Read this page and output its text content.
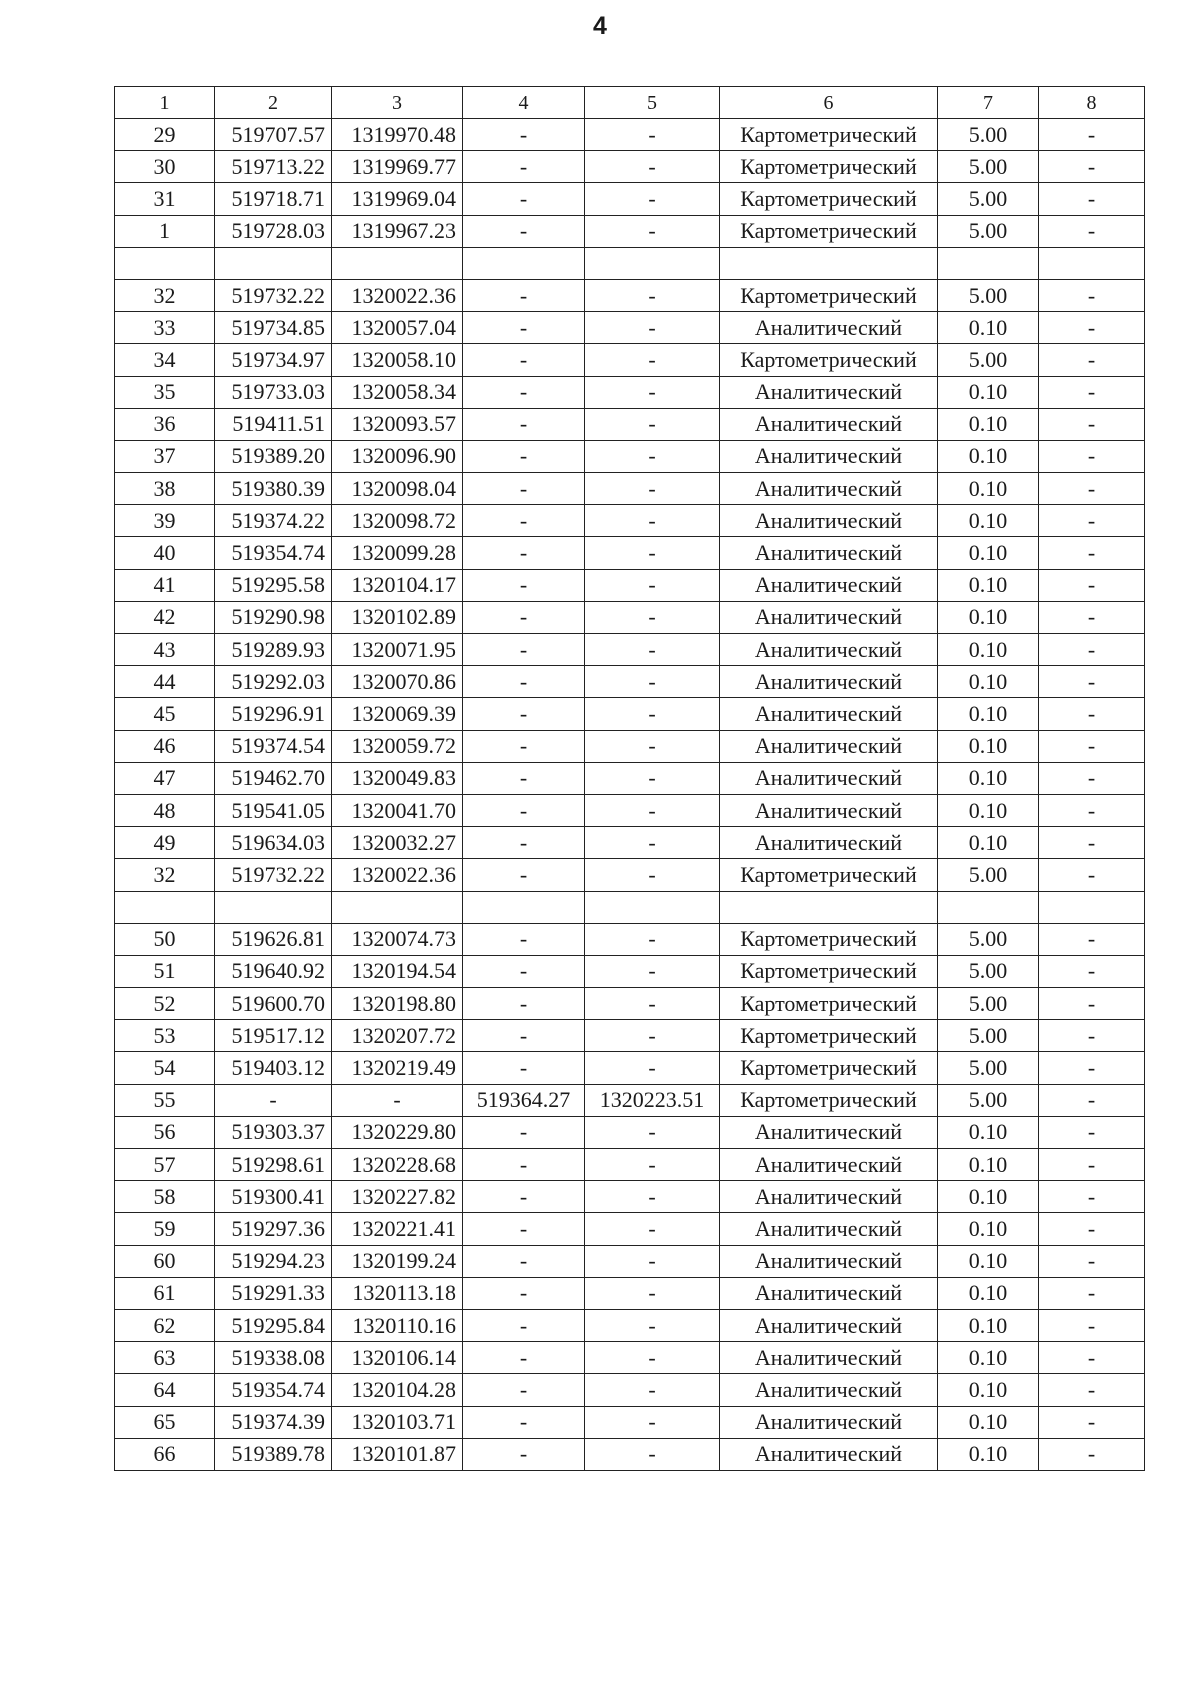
4
1	2	3	4	5	6	7	8
29	519707.57	1319970.48	-	-	Картометрический	5.00	-
30	519713.22	1319969.77	-	-	Картометрический	5.00	-
31	519718.71	1319969.04	-	-	Картометрический	5.00	-
1	519728.03	1319967.23	-	-	Картометрический	5.00	-

32	519732.22	1320022.36	-	-	Картометрический	5.00	-
33	519734.85	1320057.04	-	-	Аналитический	0.10	-
34	519734.97	1320058.10	-	-	Картометрический	5.00	-
35	519733.03	1320058.34	-	-	Аналитический	0.10	-
36	519411.51	1320093.57	-	-	Аналитический	0.10	-
37	519389.20	1320096.90	-	-	Аналитический	0.10	-
38	519380.39	1320098.04	-	-	Аналитический	0.10	-
39	519374.22	1320098.72	-	-	Аналитический	0.10	-
40	519354.74	1320099.28	-	-	Аналитический	0.10	-
41	519295.58	1320104.17	-	-	Аналитический	0.10	-
42	519290.98	1320102.89	-	-	Аналитический	0.10	-
43	519289.93	1320071.95	-	-	Аналитический	0.10	-
44	519292.03	1320070.86	-	-	Аналитический	0.10	-
45	519296.91	1320069.39	-	-	Аналитический	0.10	-
46	519374.54	1320059.72	-	-	Аналитический	0.10	-
47	519462.70	1320049.83	-	-	Аналитический	0.10	-
48	519541.05	1320041.70	-	-	Аналитический	0.10	-
49	519634.03	1320032.27	-	-	Аналитический	0.10	-
32	519732.22	1320022.36	-	-	Картометрический	5.00	-

50	519626.81	1320074.73	-	-	Картометрический	5.00	-
51	519640.92	1320194.54	-	-	Картометрический	5.00	-
52	519600.70	1320198.80	-	-	Картометрический	5.00	-
53	519517.12	1320207.72	-	-	Картометрический	5.00	-
54	519403.12	1320219.49	-	-	Картометрический	5.00	-
55	-	-	519364.27	1320223.51	Картометрический	5.00	-
56	519303.37	1320229.80	-	-	Аналитический	0.10	-
57	519298.61	1320228.68	-	-	Аналитический	0.10	-
58	519300.41	1320227.82	-	-	Аналитический	0.10	-
59	519297.36	1320221.41	-	-	Аналитический	0.10	-
60	519294.23	1320199.24	-	-	Аналитический	0.10	-
61	519291.33	1320113.18	-	-	Аналитический	0.10	-
62	519295.84	1320110.16	-	-	Аналитический	0.10	-
63	519338.08	1320106.14	-	-	Аналитический	0.10	-
64	519354.74	1320104.28	-	-	Аналитический	0.10	-
65	519374.39	1320103.71	-	-	Аналитический	0.10	-
66	519389.78	1320101.87	-	-	Аналитический	0.10	-
